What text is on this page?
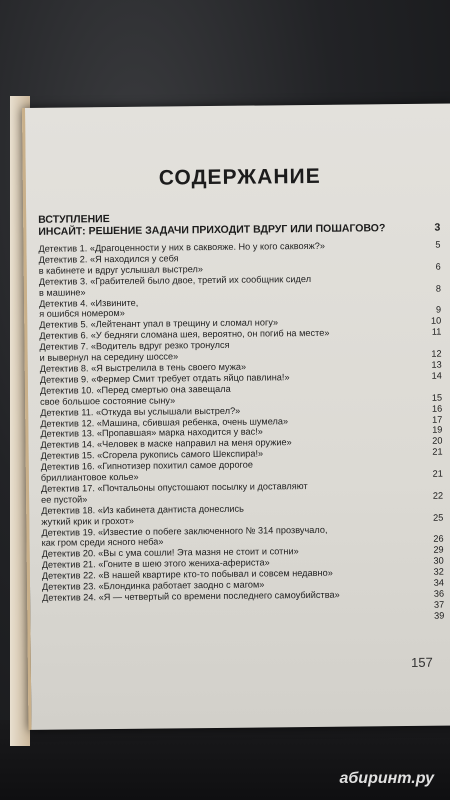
СОДЕРЖАНИЕ
ВСТУПЛЕНИЕ
ИНСАЙТ: РЕШЕНИЕ ЗАДАЧИ ПРИХОДИТ ВДРУГ ИЛИ ПОШАГОВО?	3
Детектив 1. «Драгоценности у них в саквояже. Но у кого саквояж?»	5
Детектив 2. «Я находился у себя
в кабинете и вдруг услышал выстрел»	6
Детектив 3. «Грабителей было двое, третий их сообщник сидел
в машине»	8
Детектив 4. «Извините,
я ошибся номером»	9
Детектив 5. «Лейтенант упал в трещину и сломал ногу»	10
Детектив 6. «У бедняги сломана шея, вероятно, он погиб на месте»	11
Детектив 7. «Водитель вдруг резко тронулся
и вывернул на середину шоссе»	12
Детектив 8. «Я выстрелила в тень своего мужа»	13
Детектив 9. «Фермер Смит требует отдать яйцо павлина!»	14
Детектив 10. «Перед смертью она завещала
свое большое состояние сыну»	15
Детектив 11. «Откуда вы услышали выстрел?»	16
Детектив 12. «Машина, сбившая ребенка, очень шумела»	17
Детектив 13. «Пропавшая» марка находится у вас!»	19
Детектив 14. «Человек в маске направил на меня оружие»	20
Детектив 15. «Сгорела рукопись самого Шекспира!»	21
Детектив 16. «Гипнотизер похитил самое дорогое
бриллиантовое колье»	21
Детектив 17. «Почтальоны опустошают посылку и доставляют
ее пустой»	22
Детектив 18. «Из кабинета дантиста донеслись
жуткий крик и грохот»	25
Детектив 19. «Известие о побеге заключенного № 314 прозвучало,
как гром среди ясного неба»	26
Детектив 20. «Вы с ума сошли! Эта мазня не стоит и сотни»	29
Детектив 21. «Гоните в шею этого жениха-афериста»	30
Детектив 22. «В нашей квартире кто-то побывал и совсем недавно»	32
Детектив 23. «Блондинка работает заодно с магом»	34
Детектив 24. «Я — четвертый со времени последнего самоубийства»	36

37

39
157
абиринт.ру
